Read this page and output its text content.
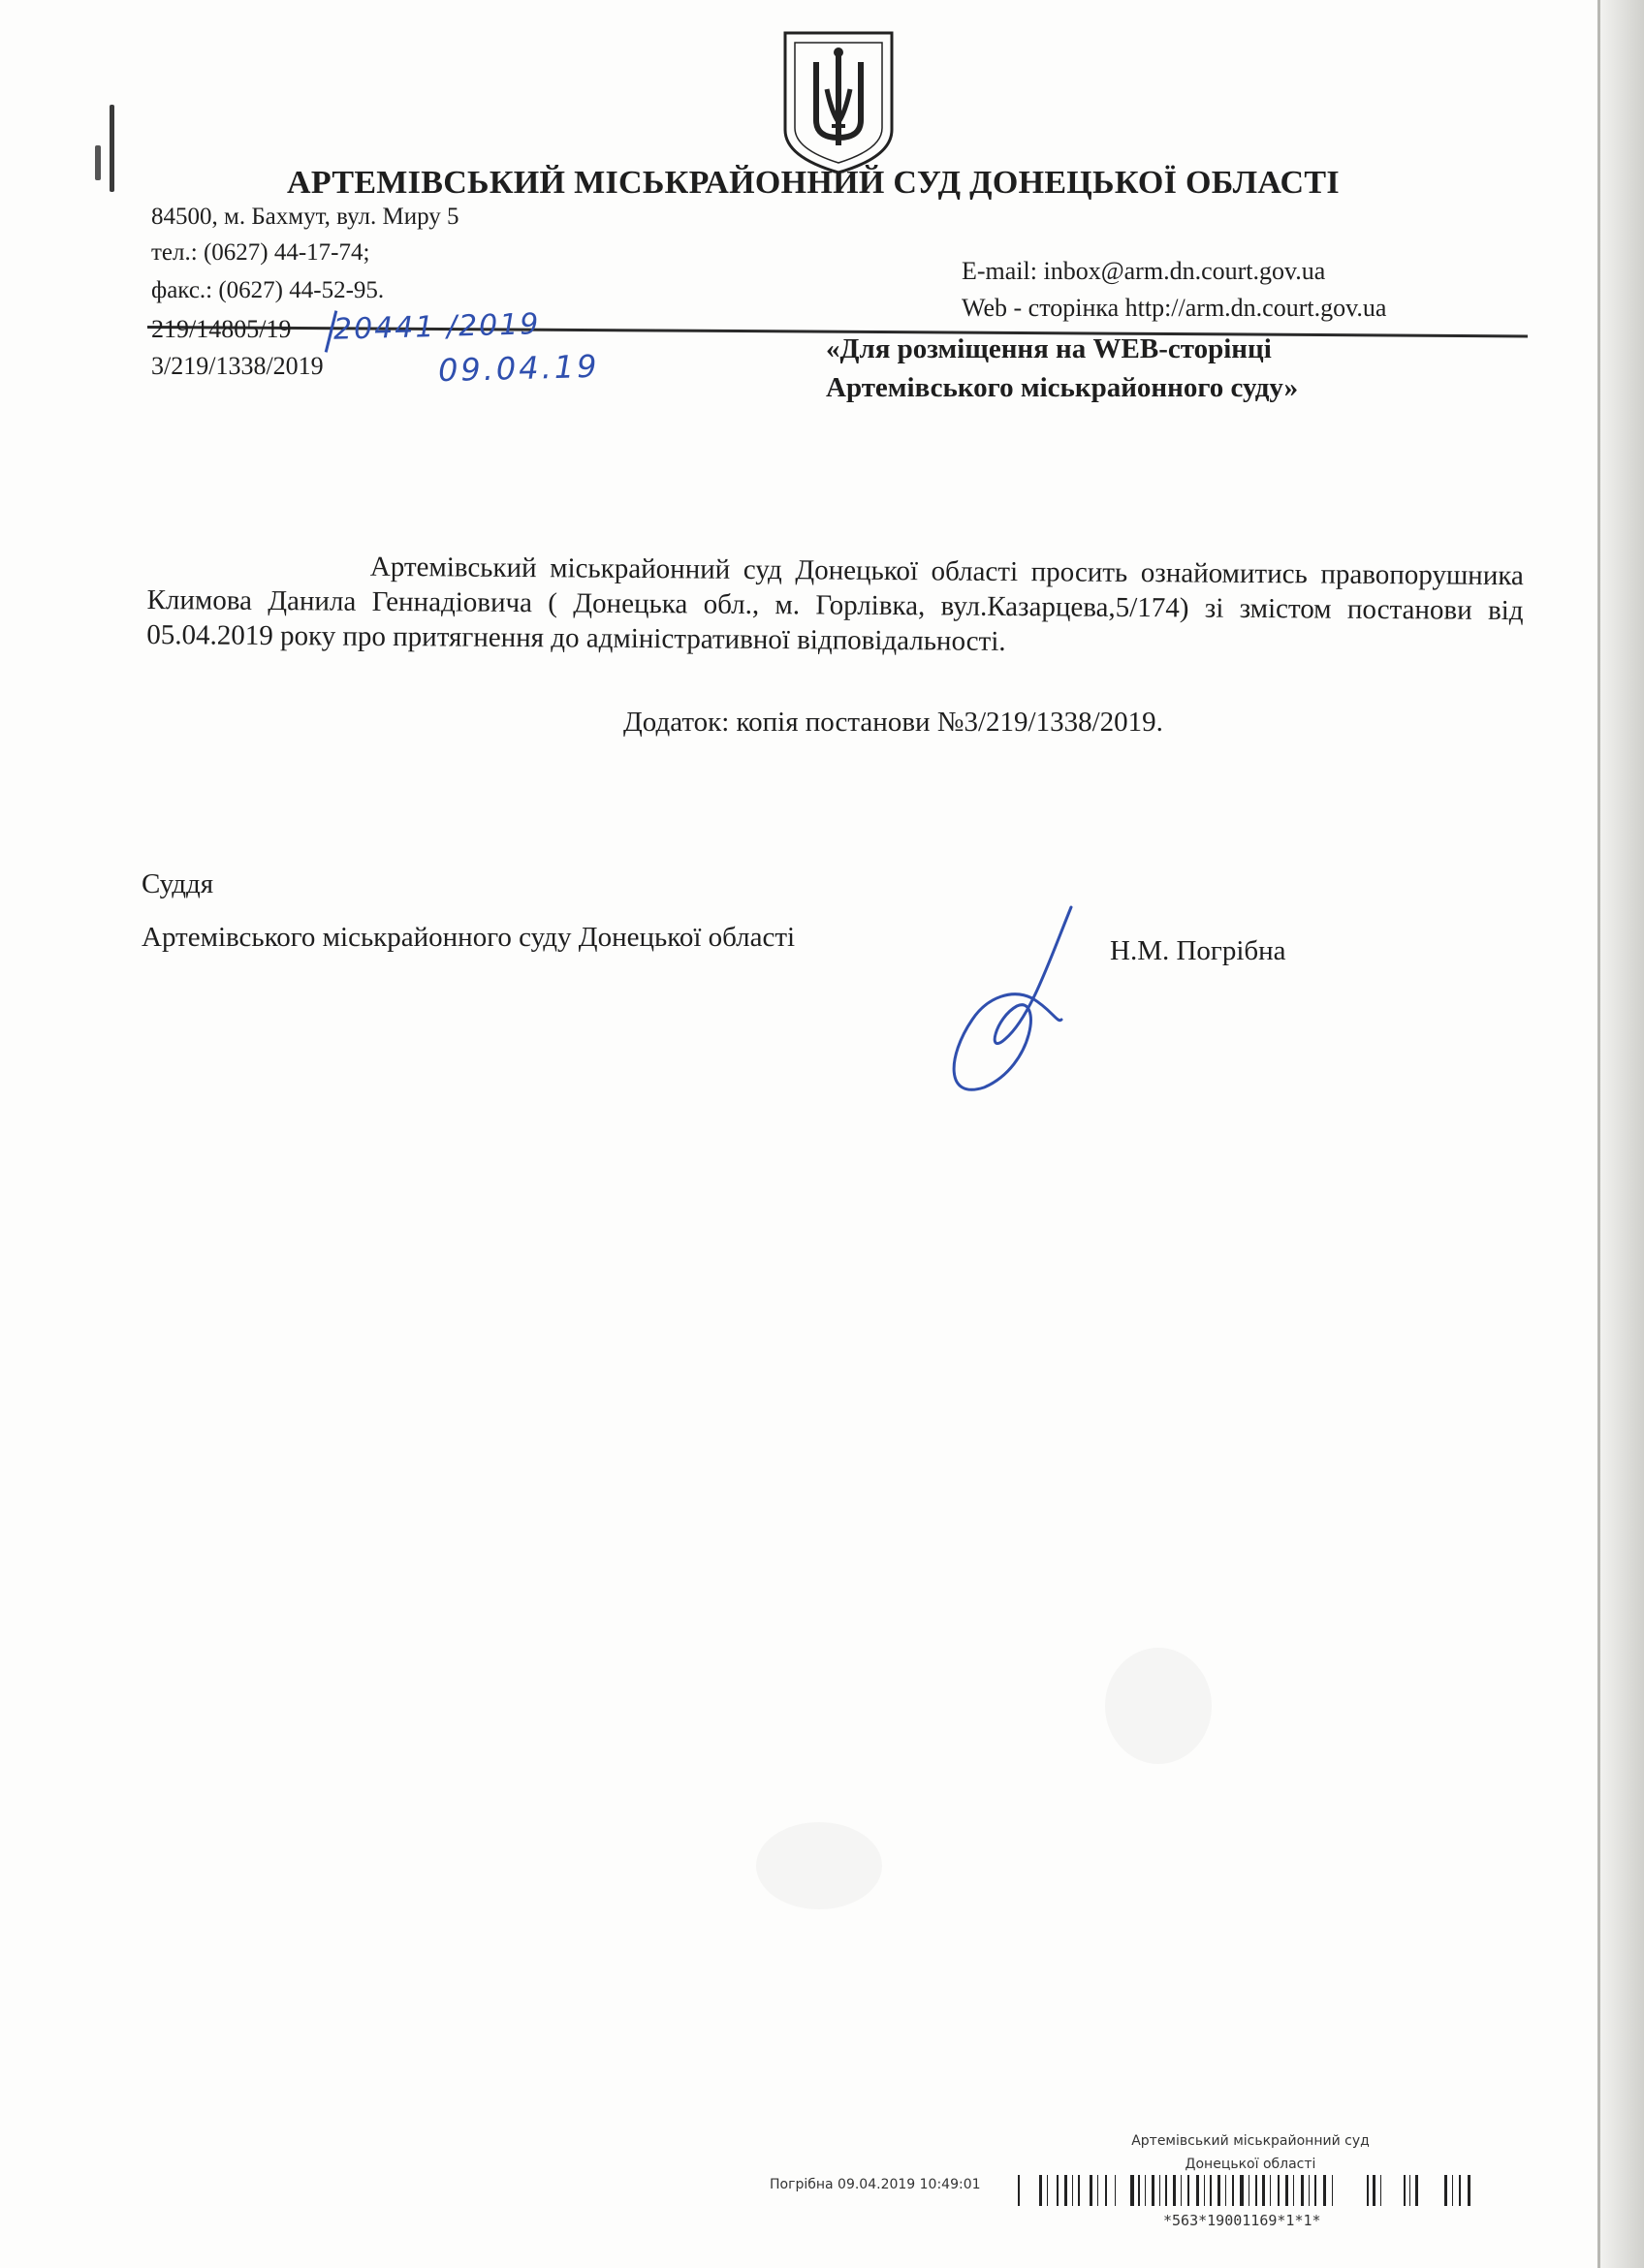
АРТЕМІВСЬКИЙ МІСЬКРАЙОННИЙ СУД ДОНЕЦЬКОЇ ОБЛАСТІ
84500, м. Бахмут, вул. Миру 5
тел.: (0627) 44-17-74;
факс.: (0627) 44-52-95.
E-mail: inbox@arm.dn.court.gov.ua
Web - сторінка http://arm.dn.court.gov.ua
219/14805/19
3/219/1338/2019
20441 /2019
09.04.19	«Для розміщення на WEB-сторінці
Артемівського міськрайонного суду»
Артемівський міськрайонний суд Донецької області просить ознайомитись правопорушника Климова Данила Геннадіовича ( Донецька обл., м. Горлівка, вул.Казарцева,5/174) зі змістом постанови від 05.04.2019 року про притягнення до адміністративної відповідальності.
Додаток: копія постанови №3/219/1338/2019.
Суддя
Артемівського міськрайонного суду Донецької області	Н.М. Погрібна
Артемівський міськрайонний суд
Донецької області
Погрібна 09.04.2019 10:49:01
*563*19001169*1*1*
